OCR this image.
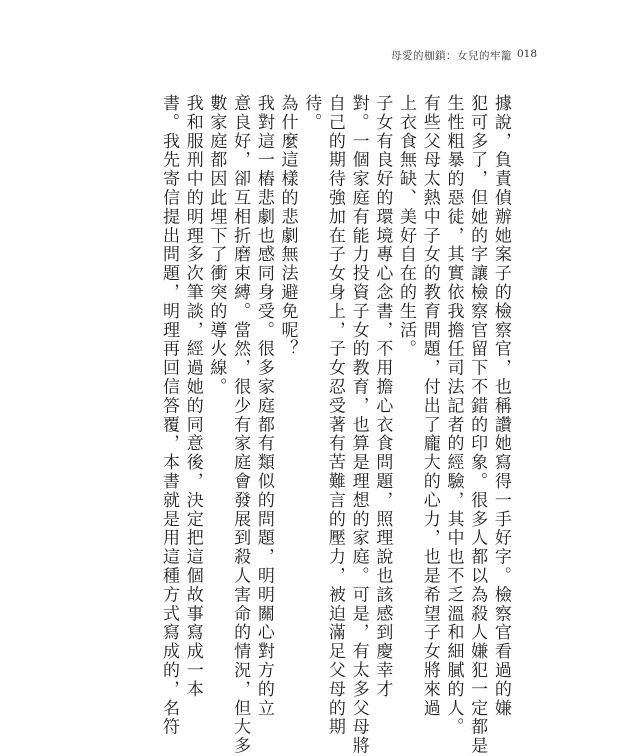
母愛的枷鎖：女兒的牢籠 018
據說，負責偵辦她案子的檢察官，也稱讚她寫得一手好字。檢察官看過的嫌
犯可多了，但她的字讓檢察官留下不錯的印象。很多人都以為殺人嫌犯一定都是
生性粗暴的惡徒，其實依我擔任司法記者的經驗，其中也不乏溫和細膩的人。
有些父母太熱中子女的教育問題，付出了龐大的心力，也是希望子女將來過
上衣食無缺、美好自在的生活。
子女有良好的環境專心念書，不用擔心衣食問題，照理說也該感到慶幸才
對。一個家庭有能力投資子女的教育，也算是理想的家庭。可是，有太多父母將
自己的期待強加在子女身上，子女忍受著有苦難言的壓力，被迫滿足父母的期
待。
為什麼這樣的悲劇無法避免呢？
我對這一樁悲劇也感同身受。很多家庭都有類似的問題，明明關心對方的立
意良好，卻互相折磨束縛。當然，很少有家庭會發展到殺人害命的情況，但大多
數家庭都因此埋下了衝突的導火線。
我和服刑中的明理多次筆談，經過她的同意後，決定把這個故事寫成一本
書。我先寄信提出問題，明理再回信答覆，本書就是用這種方式寫成的，名符
